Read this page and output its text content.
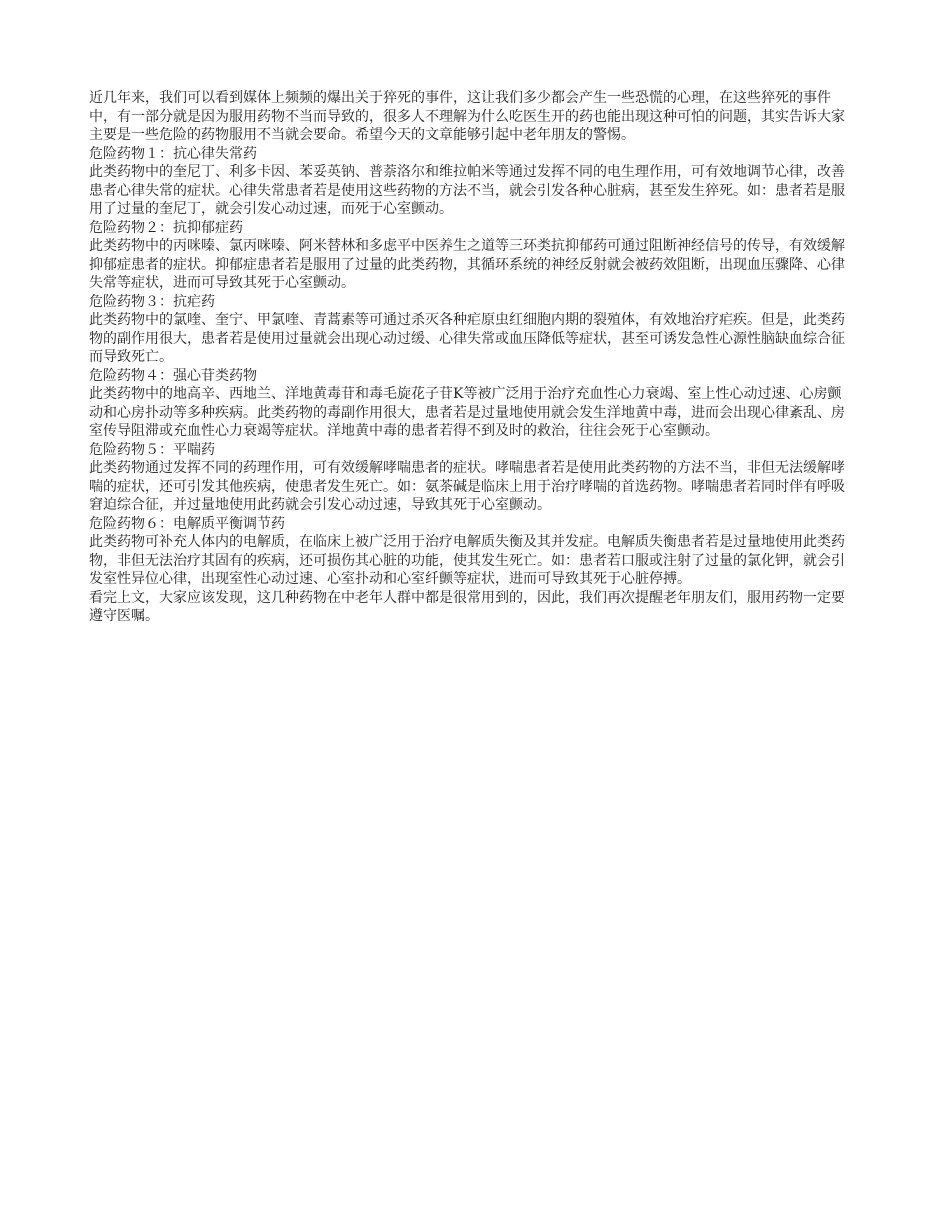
近几年来，我们可以看到媒体上频频的爆出关于猝死的事件，这让我们多少都会产生一些恐慌的心理，在这些猝死的事件中，有一部分就是因为服用药物不当而导致的，很多人不理解为什么吃医生开的药也能出现这种可怕的问题，其实告诉大家主要是一些危险的药物服用不当就会要命。希望今天的文章能够引起中老年朋友的警惕。

危险药物１：抗心律失常药

此类药物中的奎尼丁、利多卡因、苯妥英钠、普萘洛尔和维拉帕米等通过发挥不同的电生理作用，可有效地调节心律，改善患者心律失常的症状。心律失常患者若是使用这些药物的方法不当，就会引发各种心脏病，甚至发生猝死。如：患者若是服用了过量的奎尼丁，就会引发心动过速，而死于心室颤动。

危险药物２：抗抑郁症药

此类药物中的丙咪嗪、氯丙咪嗪、阿米替林和多虑平中医养生之道等三环类抗抑郁药可通过阻断神经信号的传导，有效缓解抑郁症患者的症状。抑郁症患者若是服用了过量的此类药物，其循环系统的神经反射就会被药效阻断，出现血压骤降、心律失常等症状，进而可导致其死于心室颤动。

危险药物３：抗疟药

此类药物中的氯喹、奎宁、甲氯喹、青蒿素等可通过杀灭各种疟原虫红细胞内期的裂殖体，有效地治疗疟疾。但是，此类药物的副作用很大，患者若是使用过量就会出现心动过缓、心律失常或血压降低等症状，甚至可诱发急性心源性脑缺血综合征而导致死亡。

危险药物４：强心苷类药物

此类药物中的地高辛、西地兰、洋地黄毒苷和毒毛旋花子苷K等被广泛用于治疗充血性心力衰竭、室上性心动过速、心房颤动和心房扑动等多种疾病。此类药物的毒副作用很大，患者若是过量地使用就会发生洋地黄中毒，进而会出现心律紊乱、房室传导阻滞或充血性心力衰竭等症状。洋地黄中毒的患者若得不到及时的救治，往往会死于心室颤动。

危险药物５：平喘药

此类药物通过发挥不同的药理作用，可有效缓解哮喘患者的症状。哮喘患者若是使用此类药物的方法不当，非但无法缓解哮喘的症状，还可引发其他疾病，使患者发生死亡。如：氨茶碱是临床上用于治疗哮喘的首选药物。哮喘患者若同时伴有呼吸窘迫综合征，并过量地使用此药就会引发心动过速，导致其死于心室颤动。

危险药物６：电解质平衡调节药

此类药物可补充人体内的电解质，在临床上被广泛用于治疗电解质失衡及其并发症。电解质失衡患者若是过量地使用此类药物，非但无法治疗其固有的疾病，还可损伤其心脏的功能，使其发生死亡。如：患者若口服或注射了过量的氯化钾，就会引发室性异位心律，出现室性心动过速、心室扑动和心室纤颤等症状，进而可导致其死于心脏停搏。

看完上文，大家应该发现，这几种药物在中老年人群中都是很常用到的，因此，我们再次提醒老年朋友们，服用药物一定要遵守医嘱。
